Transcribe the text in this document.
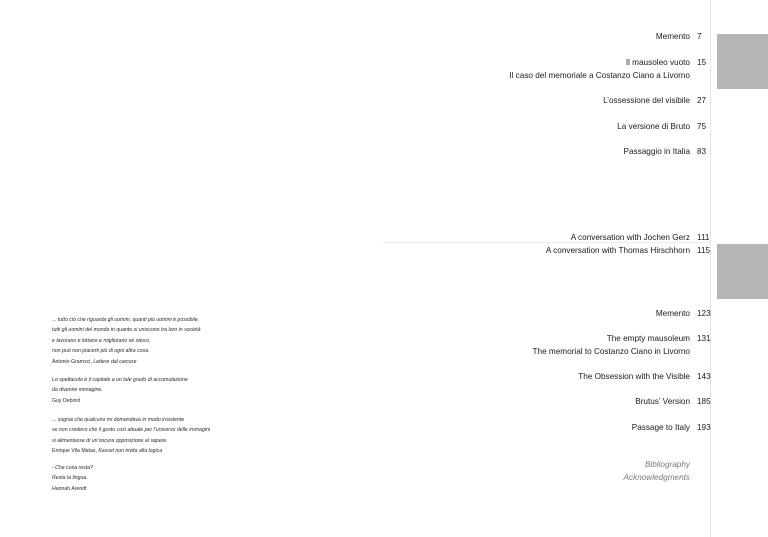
Memento 7
Il mausoleo vuoto 15
Il caso del memoriale a Costanzo Ciano a Livorno
L’ossessione del visibile 27
La versione di Bruto 75
Passaggio in Italia 83
A conversation with Jochen Gerz 111
A conversation with Thomas Hirschhorn 115
Memento 123
The empty mausoleum 131
The memorial to Costanzo Ciano in Livorno
The Obsession with the Visible 143
Brutus’ Version 185
Passage to Italy 193
Bibliography
Acknowledgments
... tutto ciò che riguarda gli uomini, quanti più uomini è possibile,
tutti gli uomini del mondo in quanto si uniscono tra loro in società
e lavorano e lottano e migliorano sé stessi,
non può non piacerti più di ogni altra cosa.
Antonio Gramsci, Lettere dal carcere
Lo spettacolo è il capitale a un tale grado di accumulazione
da divenire immagine.
Guy Debord
... sognai che qualcuno mi domandava in modo insistente
se non credevo che il gusto così attuale per l’universo delle immagini
si alimentasse di un’oscura opposizione al sapere.
Enrique Vila Matas, Kassel non invita alla logica
- Che cosa resta?
Resta la lingua.
Hannah Arendt
